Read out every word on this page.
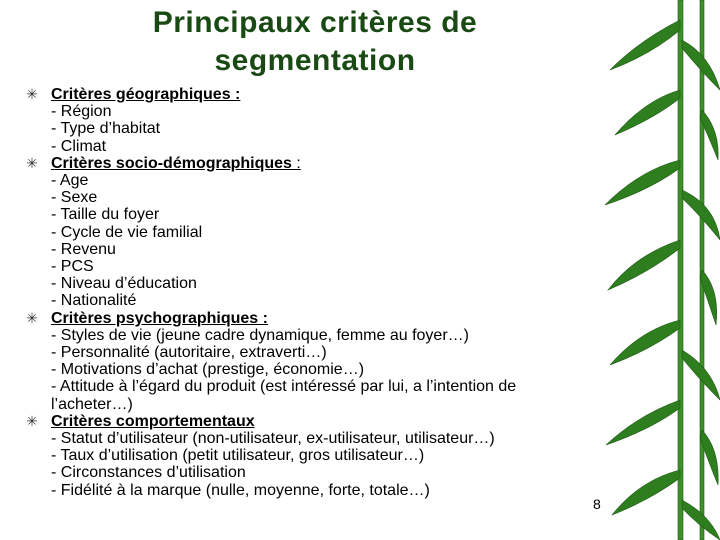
Principaux critères de
segmentation
✳ Critères géographiques :
- Région
- Type d’habitat
- Climat
✳ Critères socio-démographiques :
- Age
- Sexe
- Taille du foyer
- Cycle de vie familial
- Revenu
- PCS
- Niveau d’éducation
- Nationalité
✳ Critères psychographiques :
- Styles de vie (jeune cadre dynamique, femme au foyer…)
- Personnalité (autoritaire, extraverti…)
- Motivations d’achat (prestige, économie…)
- Attitude à l’égard du produit (est intéressé par lui, a l’intention de l’acheter…)
✳ Critères comportementaux
- Statut d’utilisateur (non-utilisateur, ex-utilisateur, utilisateur…)
- Taux d’utilisation (petit utilisateur, gros utilisateur…)
- Circonstances d’utilisation
- Fidélité à la marque (nulle, moyenne, forte, totale…)
8
